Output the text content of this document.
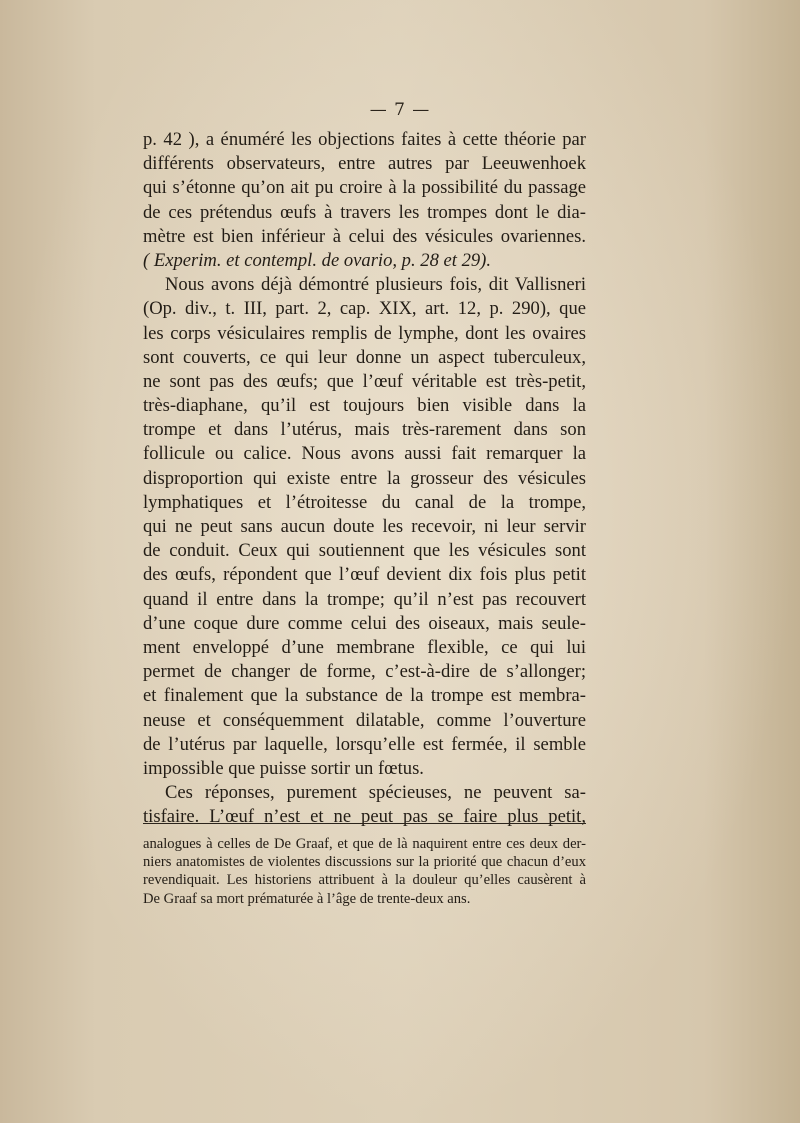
— 7 —
p. 42 ), a énuméré les objections faites à cette théorie par
différents observateurs, entre autres par Leeuwenhoek
qui s’étonne qu’on ait pu croire à la possibilité du passage
de ces prétendus œufs à travers les trompes dont le dia-
mètre est bien inférieur à celui des vésicules ovariennes.
( Experim. et contempl. de ovario, p. 28 et 29).
Nous avons déjà démontré plusieurs fois, dit Vallisneri
(Op. div., t. III, part. 2, cap. XIX, art. 12, p. 290), que
les corps vésiculaires remplis de lymphe, dont les ovaires
sont couverts, ce qui leur donne un aspect tuberculeux,
ne sont pas des œufs; que l’œuf véritable est très-petit,
très-diaphane, qu’il est toujours bien visible dans la
trompe et dans l’utérus, mais très-rarement dans son
follicule ou calice. Nous avons aussi fait remarquer la
disproportion qui existe entre la grosseur des vésicules
lymphatiques et l’étroitesse du canal de la trompe,
qui ne peut sans aucun doute les recevoir, ni leur servir
de conduit. Ceux qui soutiennent que les vésicules sont
des œufs, répondent que l’œuf devient dix fois plus petit
quand il entre dans la trompe; qu’il n’est pas recouvert
d’une coque dure comme celui des oiseaux, mais seule-
ment enveloppé d’une membrane flexible, ce qui lui
permet de changer de forme, c’est-à-dire de s’allonger;
et finalement que la substance de la trompe est membra-
neuse et conséquemment dilatable, comme l’ouverture
de l’utérus par laquelle, lorsqu’elle est fermée, il semble
impossible que puisse sortir un fœtus.
Ces réponses, purement spécieuses, ne peuvent sa-
tisfaire. L’œuf n’est et ne peut pas se faire plus petit,
analogues à celles de De Graaf, et que de là naquirent entre ces deux der-
niers anatomistes de violentes discussions sur la priorité que chacun d’eux
revendiquait. Les historiens attribuent à la douleur qu’elles causèrent à
De Graaf sa mort prématurée à l’âge de trente-deux ans.
